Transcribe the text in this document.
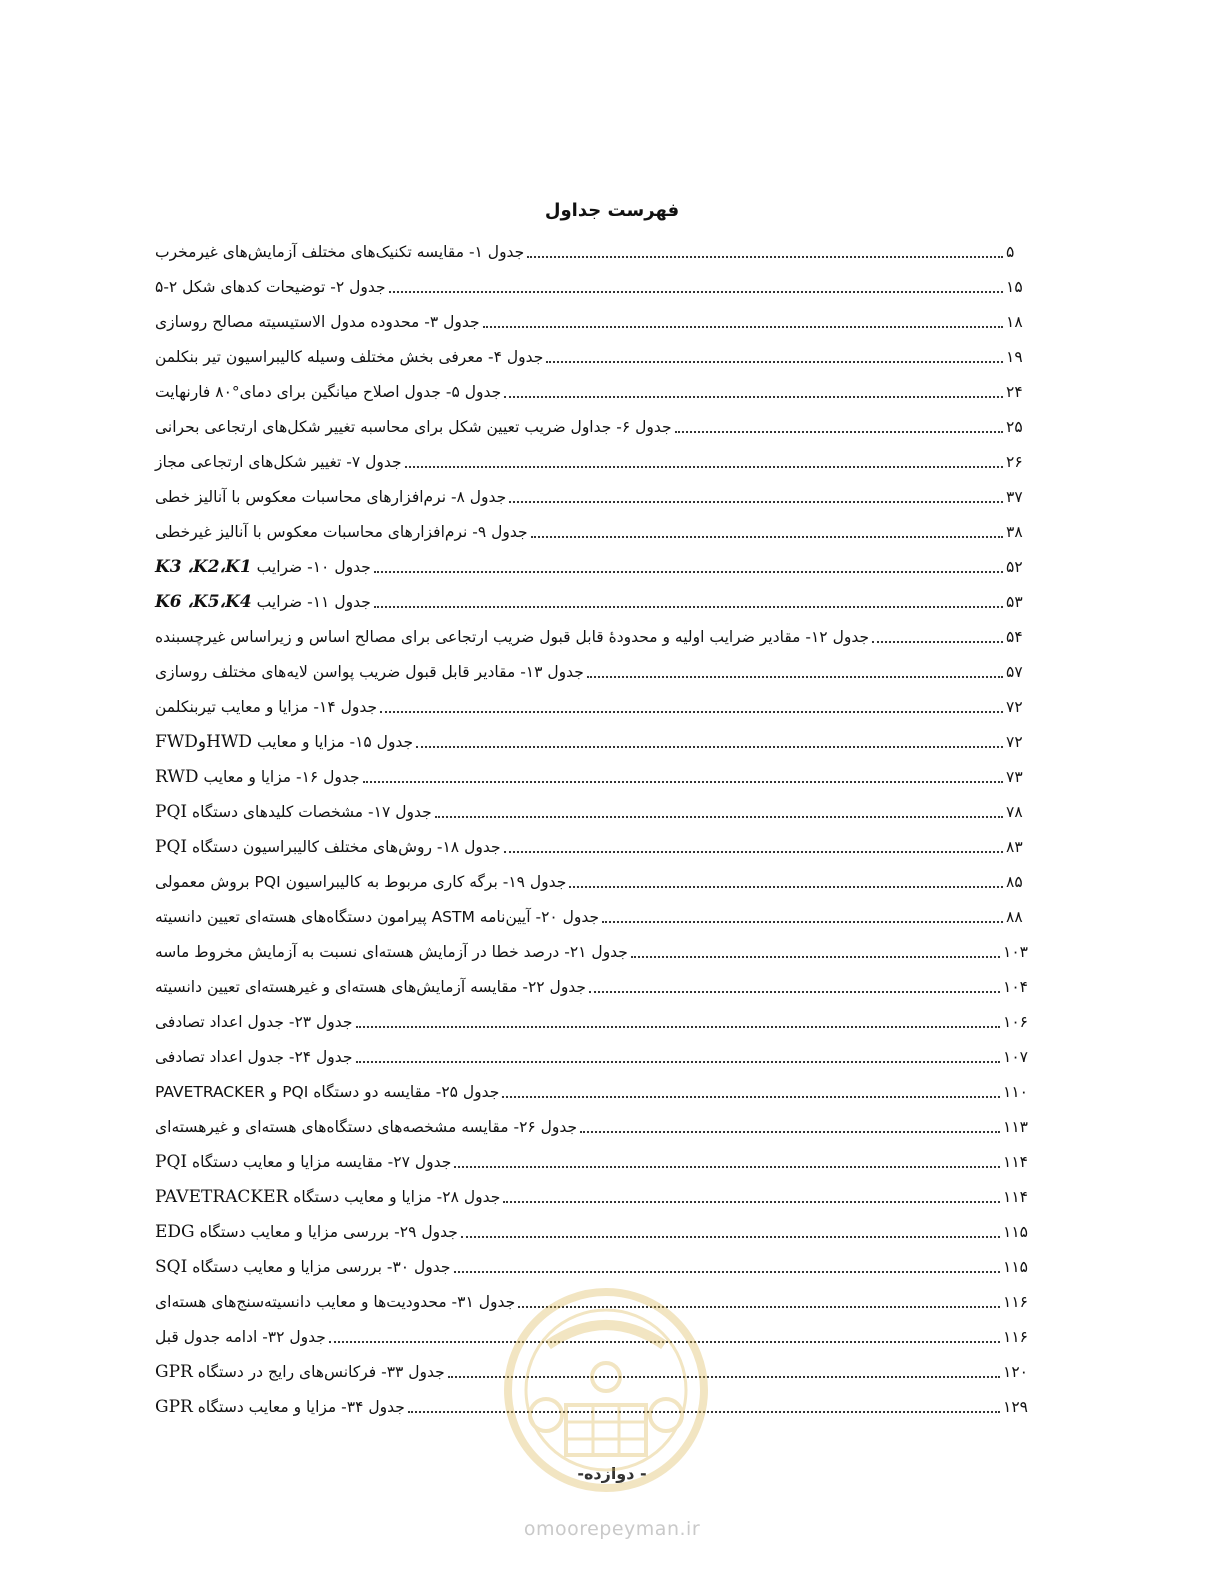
فهرست جداول
جدول ۱- مقایسه تکنیک‌های مختلف آزمایش‌های غیرمخرب	۵
جدول ۲- توضیحات کدهای شکل ۲-۵	۱۵
جدول ۳- محدوده مدول الاستیسیته مصالح روسازی	۱۸
جدول ۴- معرفی بخش مختلف وسیله کالیبراسیون تیر بنکلمن	۱۹
جدول ۵- جدول اصلاح میانگین برای دمای°۸۰ فارنهایت	۲۴
جدول ۶- جداول ضریب تعیین شکل برای محاسبه تغییر شکل‌های ارتجاعی بحرانی	۲۵
جدول ۷- تغییر شکل‌های ارتجاعی مجاز	۲۶
جدول ۸- نرم‌افزارهای محاسبات معکوس با آنالیز خطی	۳۷
جدول ۹- نرم‌افزارهای محاسبات معکوس با آنالیز غیرخطی	۳۸
جدول ۱۰- ضرایب K3 ،K2،K1	۵۲
جدول ۱۱- ضرایب K6 ،K5،K4	۵۳
جدول ۱۲- مقادیر ضرایب اولیه و محدودهٔ قابل قبول ضریب ارتجاعی برای مصالح اساس و زیراساس غیرچسبنده	۵۴
جدول ۱۳- مقادیر قابل قبول ضریب پواسن لایه‌های مختلف روسازی	۵۷
جدول ۱۴- مزایا و معایب تیربنکلمن	۷۲
جدول ۱۵- مزایا و معایب FWDوHWD	۷۲
جدول ۱۶- مزایا و معایب RWD	۷۳
جدول ۱۷- مشخصات کلیدهای دستگاه PQI	۷۸
جدول ۱۸- روش‌های مختلف کالیبراسیون دستگاه PQI	۸۳
جدول ۱۹- برگه کاری مربوط به کالیبراسیون PQI بروش معمولی	۸۵
جدول ۲۰- آیین‌نامه ASTM پیرامون دستگاه‌های هسته‌ای تعیین دانسیته	۸۸
جدول ۲۱- درصد خطا در آزمایش هسته‌ای نسبت به آزمایش مخروط ماسه	۱۰۳
جدول ۲۲- مقایسه آزمایش‌های هسته‌ای و غیرهسته‌ای تعیین دانسیته	۱۰۴
جدول ۲۳- جدول اعداد تصادفی	۱۰۶
جدول ۲۴- جدول اعداد تصادفی	۱۰۷
جدول ۲۵- مقایسه دو دستگاه PQI و PAVETRACKER	۱۱۰
جدول ۲۶- مقایسه مشخصه‌های دستگاه‌های هسته‌ای و غیرهسته‌ای	۱۱۳
جدول ۲۷- مقایسه مزایا و معایب دستگاه PQI	۱۱۴
جدول ۲۸- مزایا و معایب دستگاه PAVETRACKER	۱۱۴
جدول ۲۹- بررسی مزایا و معایب دستگاه EDG	۱۱۵
جدول ۳۰- بررسی مزایا و معایب دستگاه SQI	۱۱۵
جدول ۳۱- محدودیت‌ها و معایب دانسیته‌سنج‌های هسته‌ای	۱۱۶
جدول ۳۲- ادامه جدول قبل	۱۱۶
جدول ۳۳- فرکانس‌های رایج در دستگاه GPR	۱۲۰
جدول ۳۴- مزایا و معایب دستگاه GPR	۱۲۹
- دوازده-
omoorepeyman.ir
